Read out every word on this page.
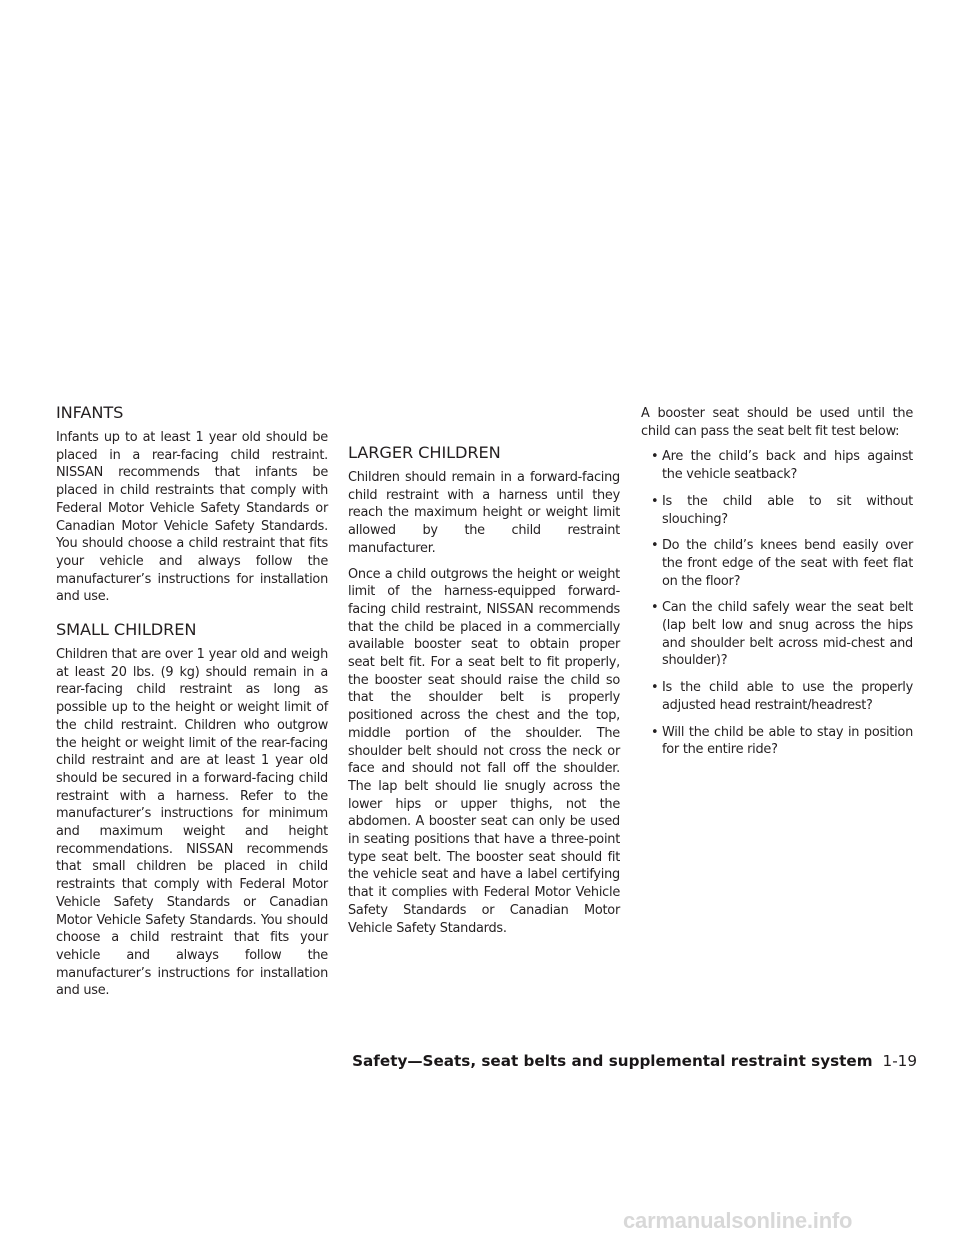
INFANTS

Infants up to at least 1 year old should be placed in a rear-facing child restraint. NISSAN recommends that infants be placed in child restraints that comply with Federal Motor Vehicle Safety Standards or Canadian Motor Vehicle Safety Standards. You should choose a child restraint that fits your vehicle and always follow the manufacturer’s instructions for installation and use.

SMALL CHILDREN

Children that are over 1 year old and weigh at least 20 lbs. (9 kg) should remain in a rear-facing child restraint as long as possible up to the height or weight limit of the child restraint. Children who outgrow the height or weight limit of the rear-facing child restraint and are at least 1 year old should be secured in a forward-facing child restraint with a harness. Refer to the manufacturer’s instructions for minimum and maximum weight and height recommendations. NISSAN recommends that small children be placed in child restraints that comply with Federal Motor Vehicle Safety Standards or Canadian Motor Vehicle Safety Standards. You should choose a child restraint that fits your vehicle and always follow the manufacturer’s instructions for installation and use.

LARGER CHILDREN

Children should remain in a forward-facing child restraint with a harness until they reach the maximum height or weight limit allowed by the child restraint manufacturer.

Once a child outgrows the height or weight limit of the harness-equipped forward-facing child restraint, NISSAN recommends that the child be placed in a commercially available booster seat to obtain proper seat belt fit. For a seat belt to fit properly, the booster seat should raise the child so that the shoulder belt is properly positioned across the chest and the top, middle portion of the shoulder. The shoulder belt should not cross the neck or face and should not fall off the shoulder. The lap belt should lie snugly across the lower hips or upper thighs, not the abdomen. A booster seat can only be used in seating positions that have a three-point type seat belt. The booster seat should fit the vehicle seat and have a label certifying that it complies with Federal Motor Vehicle Safety Standards or Canadian Motor Vehicle Safety Standards.

A booster seat should be used until the child can pass the seat belt fit test below:

• Are the child’s back and hips against the vehicle seatback?
• Is the child able to sit without slouching?
• Do the child’s knees bend easily over the front edge of the seat with feet flat on the floor?
• Can the child safely wear the seat belt (lap belt low and snug across the hips and shoulder belt across mid-chest and shoulder)?
• Is the child able to use the properly adjusted head restraint/headrest?
• Will the child be able to stay in position for the entire ride?
Safety—Seats, seat belts and supplemental restraint system 1-19
carmanualsonline.info
